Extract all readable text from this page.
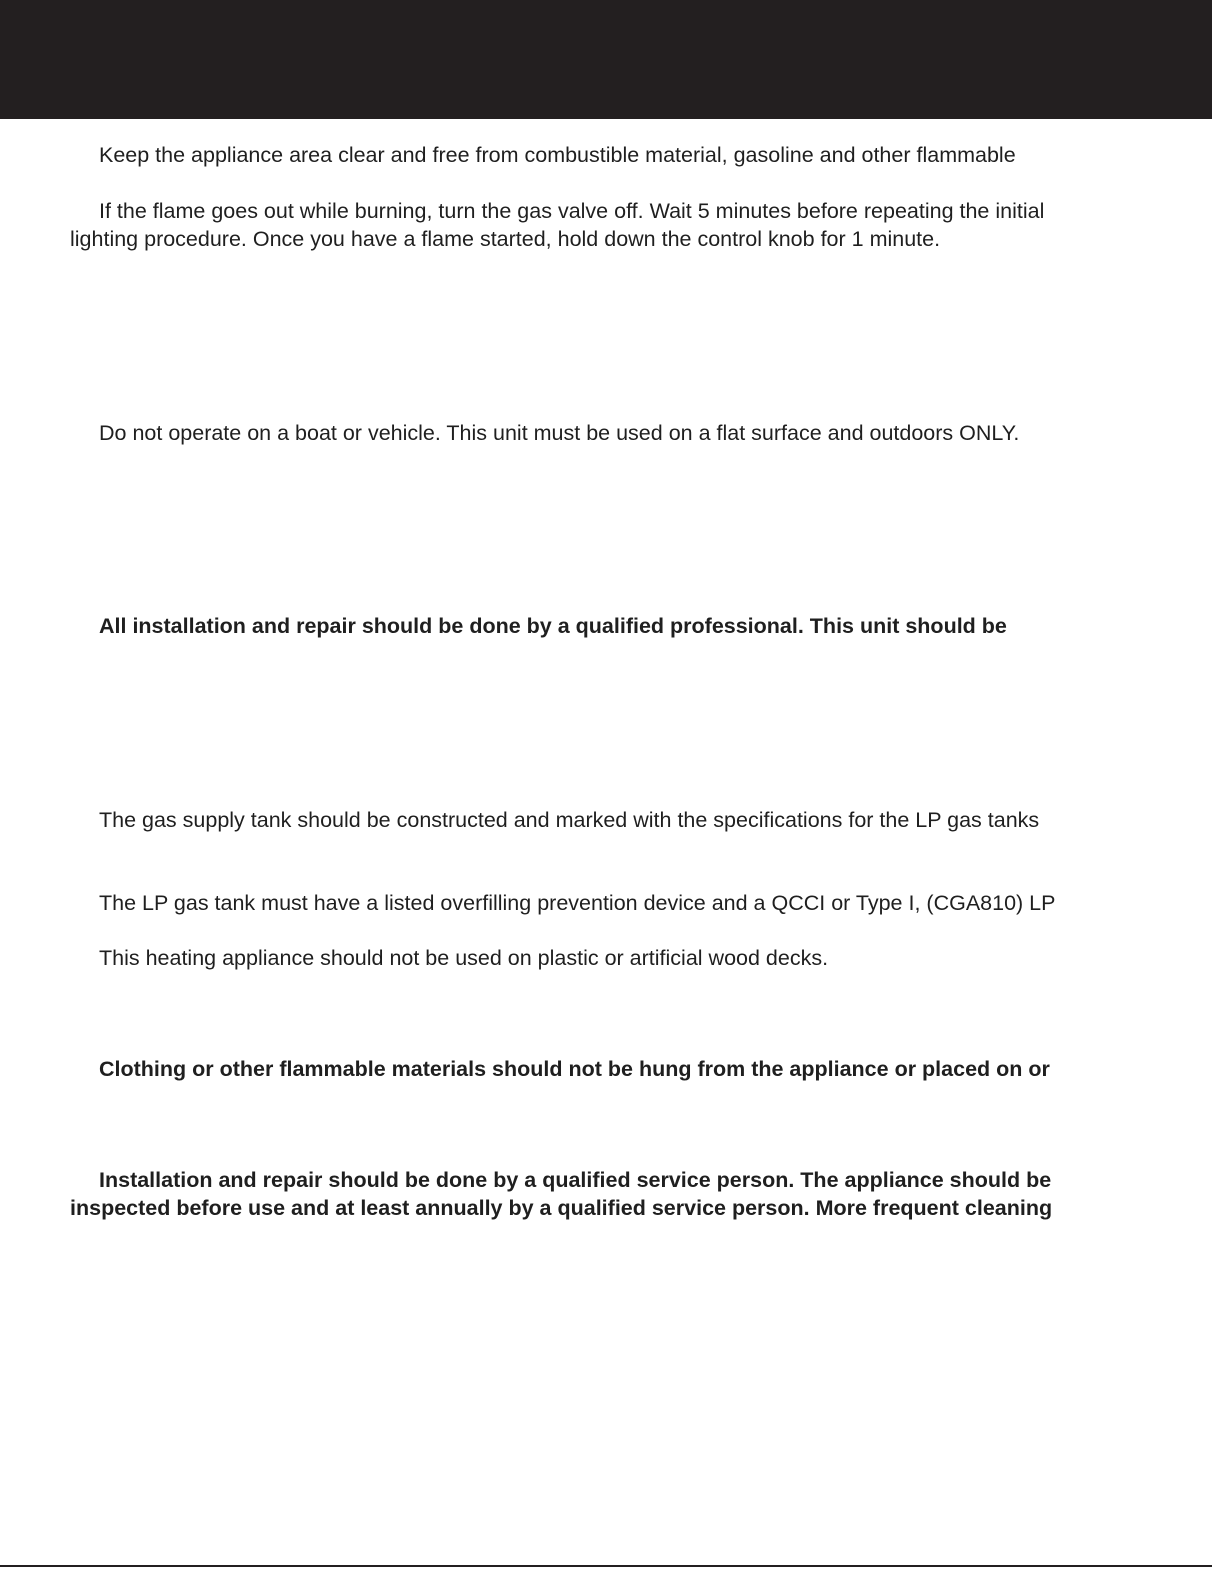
Keep the appliance area clear and free from combustible material, gasoline and other flammable

If the flame goes out while burning, turn the gas valve off. Wait 5 minutes before repeating the initial
lighting procedure. Once you have a flame started, hold down the control knob for 1 minute.

Do not operate on a boat or vehicle. This unit must be used on a flat surface and outdoors ONLY.

All installation and repair should be done by a qualified professional. This unit should be

The gas supply tank should be constructed and marked with the specifications for the LP gas tanks

The LP gas tank must have a listed overfilling prevention device and a QCCI or Type I, (CGA810) LP

This heating appliance should not be used on plastic or artificial wood decks.

Clothing or other flammable materials should not be hung from the appliance or placed on or

Installation and repair should be done by a qualified service person. The appliance should be
inspected before use and at least annually by a qualified service person. More frequent cleaning
